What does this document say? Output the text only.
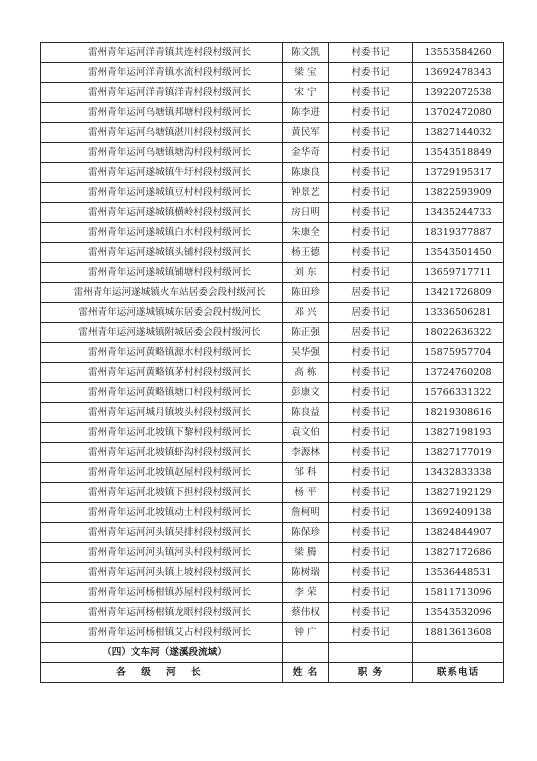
雷州青年运河洋青镇其连村段村级河长	陈文凯	村委书记	13553584260
雷州青年运河洋青镇水流村段村级河长	梁 宝	村委书记	13692478343
雷州青年运河洋青镇洋青村段村级河长	宋 宁	村委书记	13922072538
雷州青年运河乌塘镇邦塘村段村级河长	陈李进	村委书记	13702472080
雷州青年运河乌塘镇湛川村段村级河长	黄民军	村委书记	13827144032
雷州青年运河乌塘镇塘沟村段村级河长	金华奇	村委书记	13543518849
雷州青年运河遂城镇牛圩村段村级河长	陈康良	村委书记	13729195317
雷州青年运河遂城镇豆村村段村级河长	钟景艺	村委书记	13822593909
雷州青年运河遂城镇横岭村段村级河长	房日明	村委书记	13435244733
雷州青年运河遂城镇白水村段村级河长	朱康全	村委书记	18319377887
雷州青年运河遂城镇头铺村段村级河长	杨王德	村委书记	13543501450
雷州青年运河遂城镇铺塘村段村级河长	刘 东	村委书记	13659717711
雷州青年运河遂城镇火车站居委会段村级河长	陈田珍	居委书记	13421726809
雷州青年运河遂城镇城东居委会段村级河长	邓 兴	居委书记	13336506281
雷州青年运河遂城镇附城居委会段村级河长	陈正强	居委书记	18022636322
雷州青年运河黄略镇源水村段村级河长	吴华强	村委书记	15875957704
雷州青年运河黄略镇茅村村段村级河长	高 栋	村委书记	13724760208
雷州青年运河黄略镇塘口村段村级河长	彭康文	村委书记	15766331322
雷州青年运河城月镇坡头村段村级河长	陈良益	村委书记	18219308616
雷州青年运河北坡镇下黎村段村级河长	袁文伯	村委书记	13827198193
雷州青年运河北坡镇虾沟村段村级河长	李源林	村委书记	13827177019
雷州青年运河北坡镇赵屋村段村级河长	邹 科	村委书记	13432833338
雷州青年运河北坡镇下担村段村级河长	杨 平	村委书记	13827192129
雷州青年运河北坡镇动土村段村级河长	詹柯明	村委书记	13692409138
雷州青年运河河头镇吴排村段村级河长	陈保珍	村委书记	13824844907
雷州青年运河河头镇河头村段村级河长	梁 腾	村委书记	13827172686
雷州青年运河河头镇上坡村段村级河长	陈树瑞	村委书记	13536448531
雷州青年运河杨柑镇苏屋村段村级河长	李 荣	村委书记	15811713096
雷州青年运河杨柑镇龙眼村段村级河长	蔡伟权	村委书记	13543532096
雷州青年运河杨柑镇艾占村段村级河长	钟 广	村委书记	18813613608
（四）文车河（遂溪段流域）			
各 级 河 长	姓 名	职 务	联系电话
